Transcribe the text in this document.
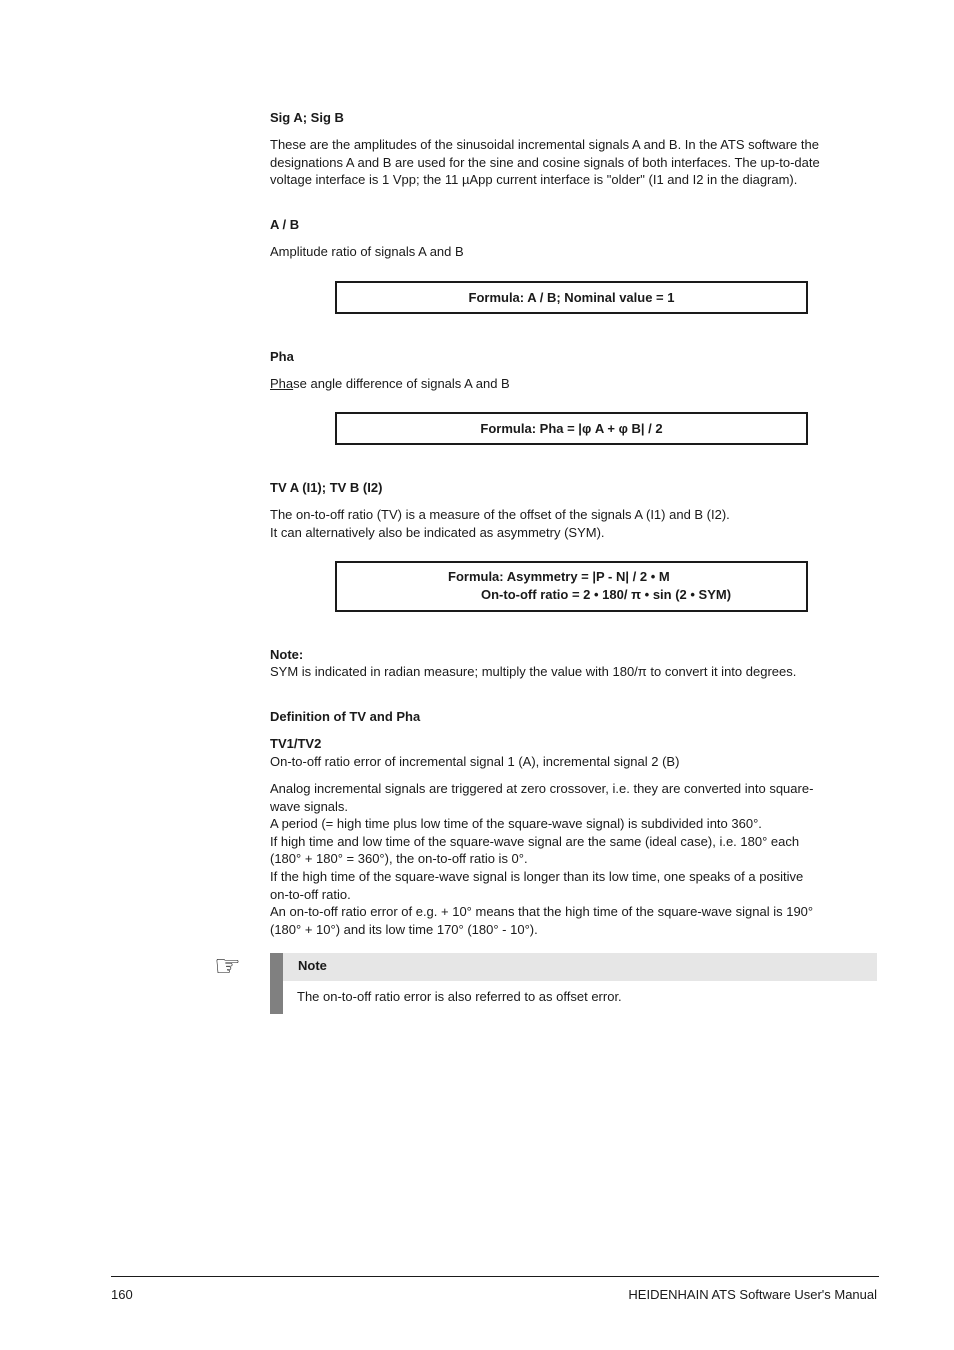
Sig A; Sig B
These are the amplitudes of the sinusoidal incremental signals A and B. In the ATS software the
designations A and B are used for the sine and cosine signals of both interfaces. The up-to-date
voltage interface is 1 Vpp; the 11 µApp current interface is "older" (I1 and I2 in the diagram).
A / B
Amplitude ratio of signals A and B
Formula: A / B; Nominal value = 1
Pha
Phase angle difference of signals A and B
Formula: Pha = |φ A + φ B| / 2
TV A (I1); TV B (I2)
The on-to-off ratio (TV) is a measure of the offset of the signals A (I1) and B (I2).
It can alternatively also be indicated as asymmetry (SYM).
Formula: Asymmetry = |P - N| / 2 • M
On-to-off ratio = 2 • 180/ π • sin (2 • SYM)
Note:
SYM is indicated in radian measure; multiply the value with 180/π to convert it into degrees.
Definition of TV and Pha
TV1/TV2
On-to-off ratio error of incremental signal 1 (A), incremental signal 2 (B)
Analog incremental signals are triggered at zero crossover, i.e. they are converted into square-
wave signals.
A period (= high time plus low time of the square-wave signal) is subdivided into 360°.
If high time and low time of the square-wave signal are the same (ideal case), i.e. 180° each
(180° + 180° = 360°), the on-to-off ratio is 0°.
If the high time of the square-wave signal is longer than its low time, one speaks of a positive
on-to-off ratio.
An on-to-off ratio error of e.g. + 10° means that the high time of the square-wave signal is 190°
(180° + 10°) and its low time 170° (180° - 10°).
☞	Note
The on-to-off ratio error is also referred to as offset error.
160	HEIDENHAIN ATS Software User's Manual
